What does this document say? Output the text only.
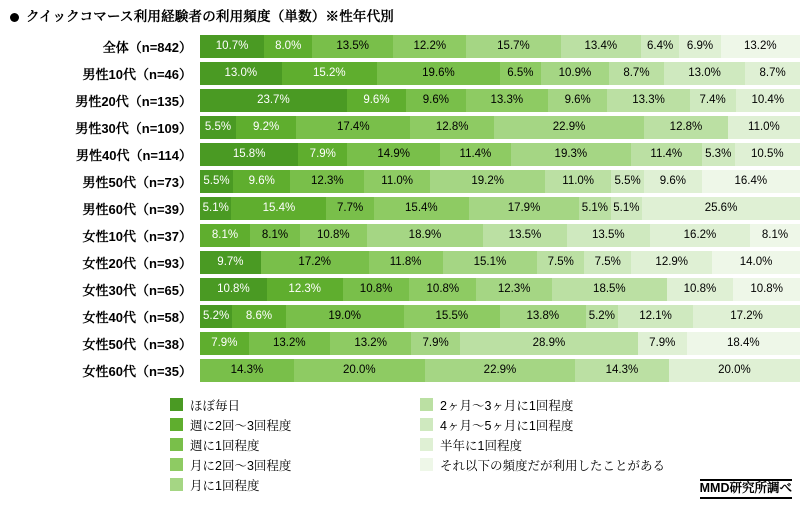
クイックコマース利用経験者の利用頻度（単数）※性年代別
全体（n=842）	10.7% 8.0%	13.5%	12.2%	15.7%	13.4%	6.4% 6.9%	13.2%
男性10代（n=46）	13.0%	15.2%	19.6%	6.5% 10.9%	8.7%	13.0%	8.7%
男性20代（n=135）	23.7%	9.6%	9.6%	13.3%	9.6%	13.3%	7.4% 10.4%
男性30代（n=109）	5.5% 9.2%	17.4%	12.8%	22.9%	12.8%	11.0%
男性40代（n=114）	15.8%	7.9%	14.9%	11.4%	19.3%	11.4% 5.3% 10.5%
男性50代（n=73） 5.5% 9.6%	12.3%	11.0%	19.2%	11.0% 5.5% 9.6%	16.4%
男性60代（n=39） 5.1%	15.4%	7.7%	15.4%	17.9%	5.1% 5.1%	25.6%
女性10代（n=37）	8.1% 8.1%	10.8%	18.9%	13.5%	13.5%	16.2%	8.1%
女性20代（n=93）	9.7%	17.2%	11.8%	15.1%	7.5% 7.5%	12.9%	14.0%
女性30代（n=65）	10.8%	12.3%	10.8%	10.8%	12.3%	18.5%	10.8%	10.8%
女性40代（n=58） 5.2% 8.6%	19.0%	15.5%	13.8%	5.2% 12.1%	17.2%
女性50代（n=38）	7.9%	13.2%	13.2%	7.9%	28.9%	7.9%	18.4%
女性60代（n=35）	14.3%	20.0%	22.9%	14.3%	20.0%
ほぼ毎日	2ヶ月～3ヶ月に1回程度
週に2回～3回程度	4ヶ月～5ヶ月に1回程度
週に1回程度	半年に1回程度
月に2回～3回程度	それ以下の頻度だが利用したことがある
月に1回程度	MMD研究所調べ
